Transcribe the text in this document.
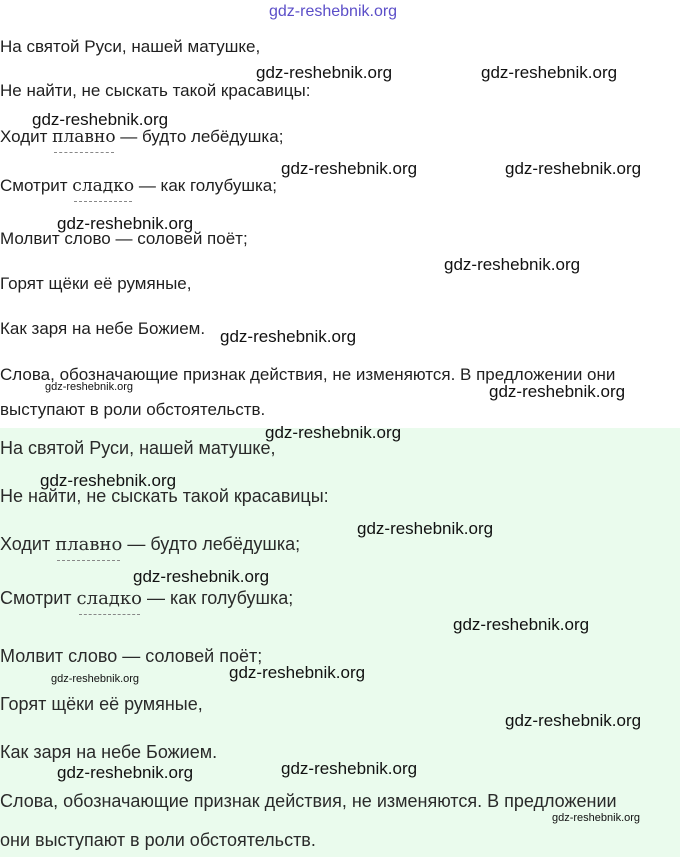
На святой Руси, нашей матушке,
Не найти, не сыскать такой красавицы:
Ходит плавно — будто лебёдушка;
Смотрит сладко — как голубушка;
Молвит слово — соловей поёт;
Горят щёки её румяные,
Как заря на небе Божием.
Слова, обозначающие признак действия, не изменяются. В предложении они
выступают в роли обстоятельств.
На святой Руси, нашей матушке,
Не найти, не сыскать такой красавицы:
Ходит плавно — будто лебёдушка;
Смотрит сладко — как голубушка;
Молвит слово — соловей поёт;
Горят щёки её румяные,
Как заря на небе Божием.
Слова, обозначающие признак действия, не изменяются. В предложении
они выступают в роли обстоятельств.
gdz-reshebnik.org
gdz-reshebnik.org	gdz-reshebnik.org
gdz-reshebnik.org
gdz-reshebnik.org	gdz-reshebnik.org
gdz-reshebnik.org
gdz-reshebnik.org
gdz-reshebnik.org
gdz-reshebnik.org	gdz-reshebnik.org
gdz-reshebnik.org
gdz-reshebnik.org
gdz-reshebnik.org
gdz-reshebnik.org
gdz-reshebnik.org
gdz-reshebnik.org	gdz-reshebnik.org
gdz-reshebnik.org
gdz-reshebnik.org	gdz-reshebnik.org
gdz-reshebnik.org
